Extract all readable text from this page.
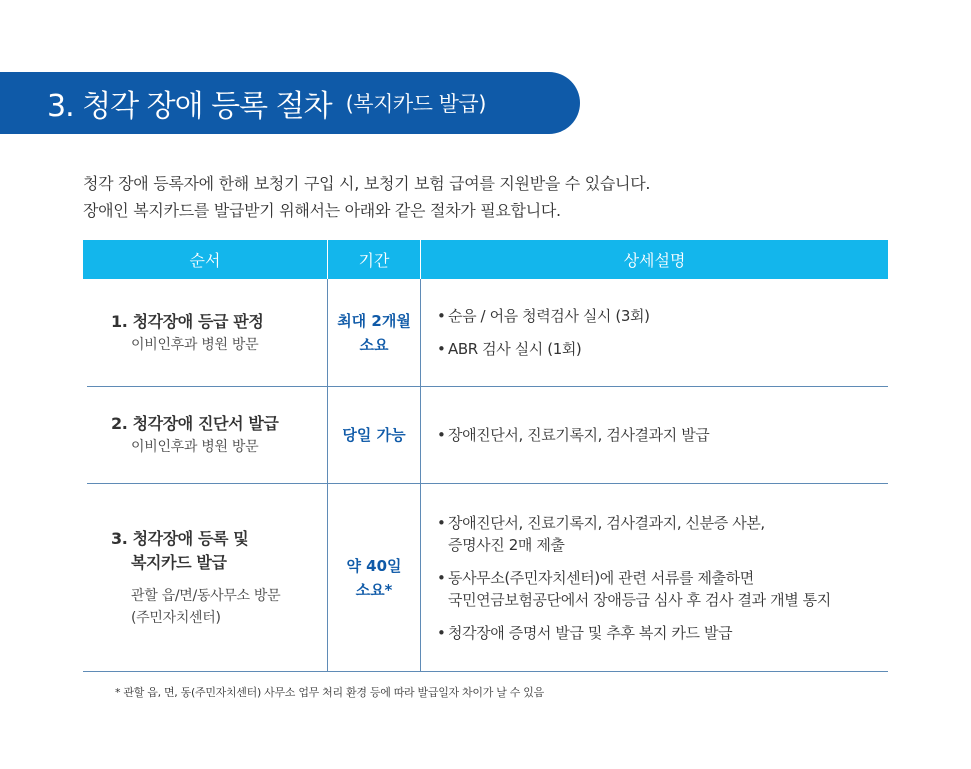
3. 청각 장애 등록 절차 (복지카드 발급)

청각 장애 등록자에 한해 보청기 구입 시, 보청기 보험 급여를 지원받을 수 있습니다.

장애인 복지카드를 발급받기 위해서는 아래와 같은 절차가 필요합니다.

순서	기간	상세설명
1. 청각장애 등급 판정
이비인후과 병원 방문
최대 2개월
소요
• 순음 / 어음 청력검사 실시 (3회)
• ABR 검사 실시 (1회)
2. 청각장애 진단서 발급
이비인후과 병원 방문
당일 가능 • 장애진단서, 진료기록지, 검사결과지 발급
3. 청각장애 등록 및
복지카드 발급
관할 읍/면/동사무소 방문
(주민자치센터)
약 40일
소요*
• 장애진단서, 진료기록지, 검사결과지, 신분증 사본,
증명사진 2매 제출
• 동사무소(주민자치센터)에 관련 서류를 제출하면
국민연금보험공단에서 장애등급 심사 후 검사 결과 개별 통지
• 청각장애 증명서 발급 및 추후 복지 카드 발급
* 관할 읍, 면, 동(주민자치센터) 사무소 업무 처리 환경 등에 따라 발급일자 차이가 날 수 있음
